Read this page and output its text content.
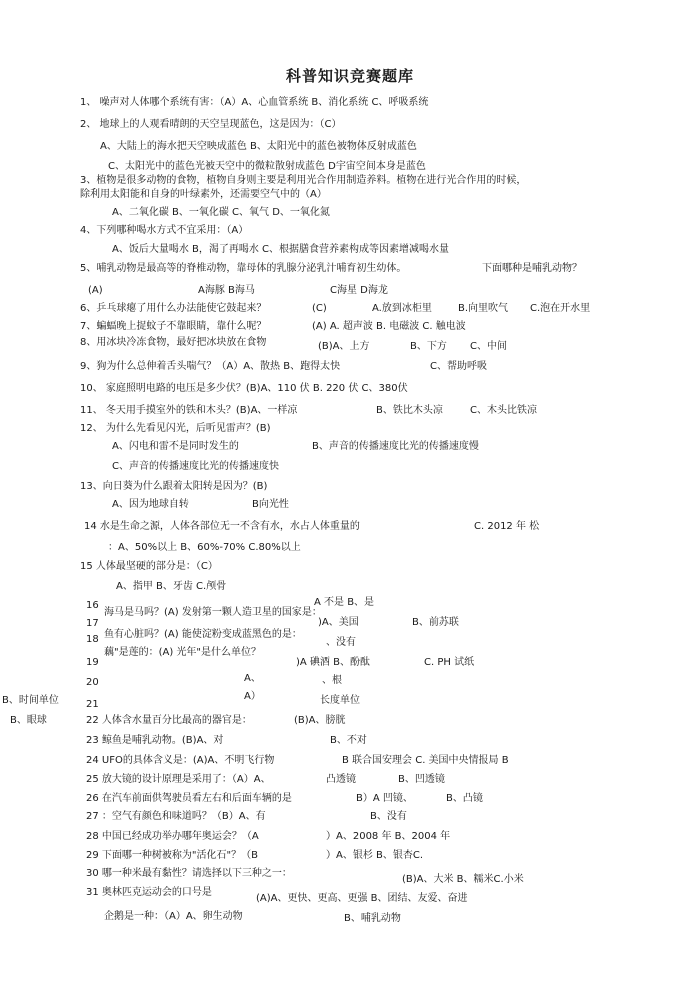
科普知识竞赛题库
1、 噪声对人体哪个系统有害：（A）A、心血管系统 B、消化系统 C、呼吸系统
2、 地球上的人观看晴朗的天空呈现蓝色，这是因为：（C）
A、大陆上的海水把天空映成蓝色 B、太阳光中的蓝色被物体反射成蓝色
C、太阳光中的蓝色光被天空中的微粒散射成蓝色 D宇宙空间本身是蓝色
3、植物是很多动物的食物，植物自身则主要是利用光合作用制造养料。植物在进行光合作用的时候，
除利用太阳能和自身的叶绿素外，还需要空气中的（A）
A、二氧化碳 B、一氧化碳 C、氧气 D、一氧化氮
4、下列哪种喝水方式不宜采用：（A）
A、饭后大量喝水 B，渴了再喝水 C、根据膳食营养素构成等因素增减喝水量
5、哺乳动物是最高等的脊椎动物，靠母体的乳腺分泌乳汁哺育初生幼体。	下面哪种是哺乳动物？
(A)	A海豚 B海马	C海星 D海龙
6、乒乓球瘪了用什么办法能使它鼓起来？	(C)	A.放到冰柜里	B.向里吹气 C.泡在开水里
7、蝙蝠晚上捉蚊子不靠眼睛，靠什么呢？	(A) A. 超声波 B. 电磁波 C. 触电波
8、用冰块冷冻食物，最好把冰块放在食物	(B)A、上方	B、下方 C、中间
9、狗为什么总伸着舌头喘气？（A）A、散热 B、跑得太快	C、帮助呼吸
10、 家庭照明电路的电压是多少伏？(B)A、110 伏 B. 220 伏 C、380伏
11、 冬天用手摸室外的铁和木头？(B)A、一样凉	B、铁比木头凉	C、木头比铁凉
12、 为什么先看见闪光，后听见雷声？(B)
A、闪电和雷不是同时发生的	B、声音的传播速度比光的传播速度慢
C、声音的传播速度比光的传播速度快
13、向日葵为什么跟着太阳转是因为？(B)
A、因为地球自转	B向光性
14 水是生命之源，人体各部位无一不含有水，水占人体重量的	C. 2012 年 松
：A、50%以上 B、60%-70% C.80%以上
15 人体最坚硬的部分是：（C）
A、指甲 B、牙齿 C.颅骨
A 不是 B、是
16
海马是马吗？(A) 发射第一颗人造卫星的国家是：
17	)A、美国	B、前苏联
18 鱼有心脏吗？(A) 能使淀粉变成蓝黑色的是：
、没有
藕"是莲的：(A) 光年"是什么单位？
19	)A 碘酒 B、酚酞	C. PH 试纸
A、	、根
20
A）	长度单位
B、时间单位	21
B、眼球	22 人体含水量百分比最高的器官是：	(B)A、膀胱
23 鲸鱼是哺乳动物。(B)A、对	B、不对
24 UFO的具体含义是：(A)A、不明飞行物	B 联合国安理会 C. 美国中央情报局 B
25 放大镜的设计原理是采用了：（A）A、	凸透镜	B、凹透镜
26 在汽车前面供驾驶员看左右和后面车辆的是	B）A 凹镜、	B、凸镜
27 ：空气有颜色和味道吗？（B）A、有	B、没有
28 中国已经成功举办哪年奥运会？（A	）A、2008 年 B、2004 年
29 下面哪一种树被称为"活化石"？（B	）A、银杉 B、银杏C.
30 哪一种米最有黏性？请选择以下三种之一：
(B)A、大米 B、糯米C.小米
31 奥林匹克运动会的口号是
(A)A、更快、更高、更强 B、团结、友爱、奋进
企鹅是一种：（A）A、卵生动物	B、哺乳动物
